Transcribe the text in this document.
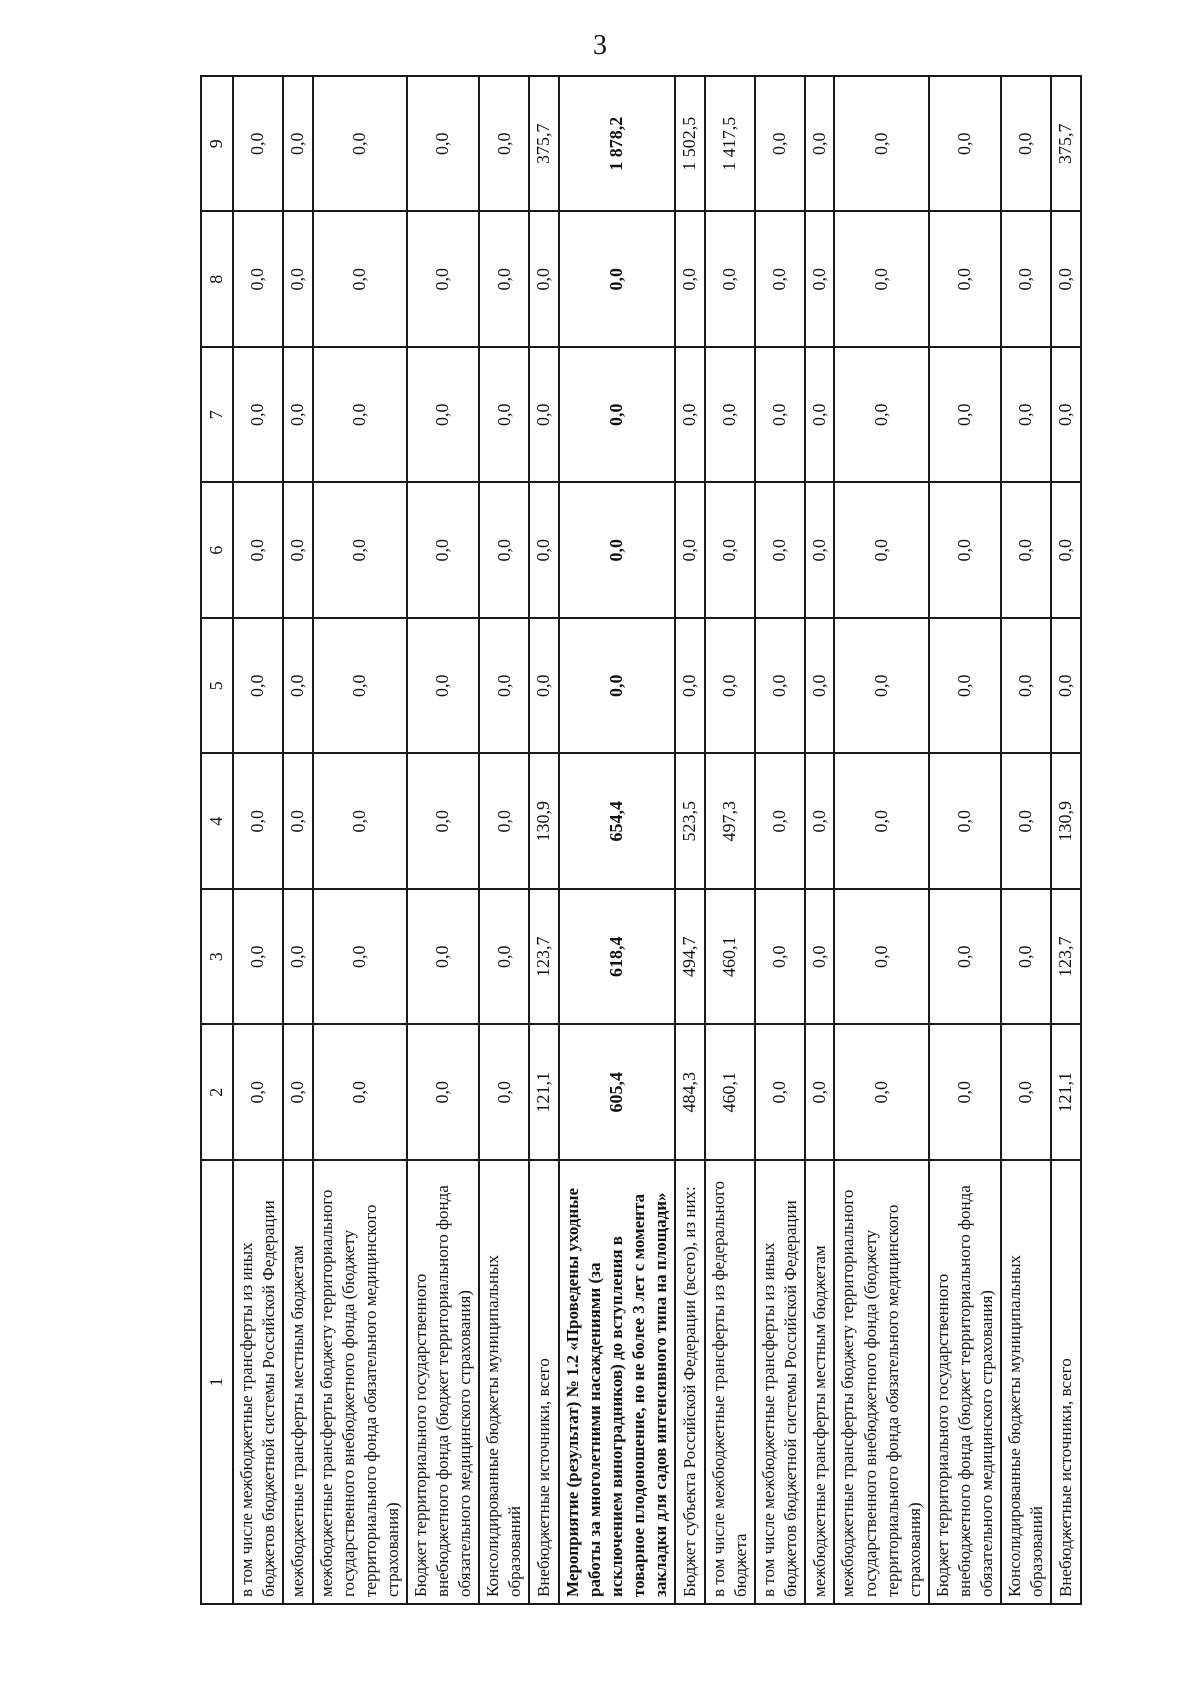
3
1	2	3	4	5	6	7	8	9
в том числе межбюджетные трансферты из иных бюджетов бюджетной системы Российской Федерации	0,0	0,0	0,0	0,0	0,0	0,0	0,0	0,0
межбюджетные трансферты местным бюджетам	0,0	0,0	0,0	0,0	0,0	0,0	0,0	0,0
межбюджетные трансферты бюджету территориального государственного внебюджетного фонда (бюджету территориального фонда обязательного медицинского страхования)	0,0	0,0	0,0	0,0	0,0	0,0	0,0	0,0
Бюджет территориального государственного внебюджетного фонда (бюджет территориального фонда обязательного медицинского страхования)	0,0	0,0	0,0	0,0	0,0	0,0	0,0	0,0
Консолидированные бюджеты муниципальных образований	0,0	0,0	0,0	0,0	0,0	0,0	0,0	0,0
Внебюджетные источники, всего	121,1	123,7	130,9	0,0	0,0	0,0	0,0	375,7
Мероприятие (результат) № 1.2 «Проведены уходные работы за многолетними насаждениями (за исключением виноградников) до вступления в товарное плодоношение, но не более 3 лет с момента закладки для садов интенсивного типа на площади»	605,4	618,4	654,4	0,0	0,0	0,0	0,0	1 878,2
Бюджет субъекта Российской Федерации (всего), из них:	484,3	494,7	523,5	0,0	0,0	0,0	0,0	1 502,5
в том числе межбюджетные трансферты из федерального бюджета	460,1	460,1	497,3	0,0	0,0	0,0	0,0	1 417,5
в том числе межбюджетные трансферты из иных бюджетов бюджетной системы Российской Федерации	0,0	0,0	0,0	0,0	0,0	0,0	0,0	0,0
межбюджетные трансферты местным бюджетам	0,0	0,0	0,0	0,0	0,0	0,0	0,0	0,0
межбюджетные трансферты бюджету территориального государственного внебюджетного фонда (бюджету территориального фонда обязательного медицинского страхования)	0,0	0,0	0,0	0,0	0,0	0,0	0,0	0,0
Бюджет территориального государственного внебюджетного фонда (бюджет территориального фонда обязательного медицинского страхования)	0,0	0,0	0,0	0,0	0,0	0,0	0,0	0,0
Консолидированные бюджеты муниципальных образований	0,0	0,0	0,0	0,0	0,0	0,0	0,0	0,0
Внебюджетные источники, всего	121,1	123,7	130,9	0,0	0,0	0,0	0,0	375,7
